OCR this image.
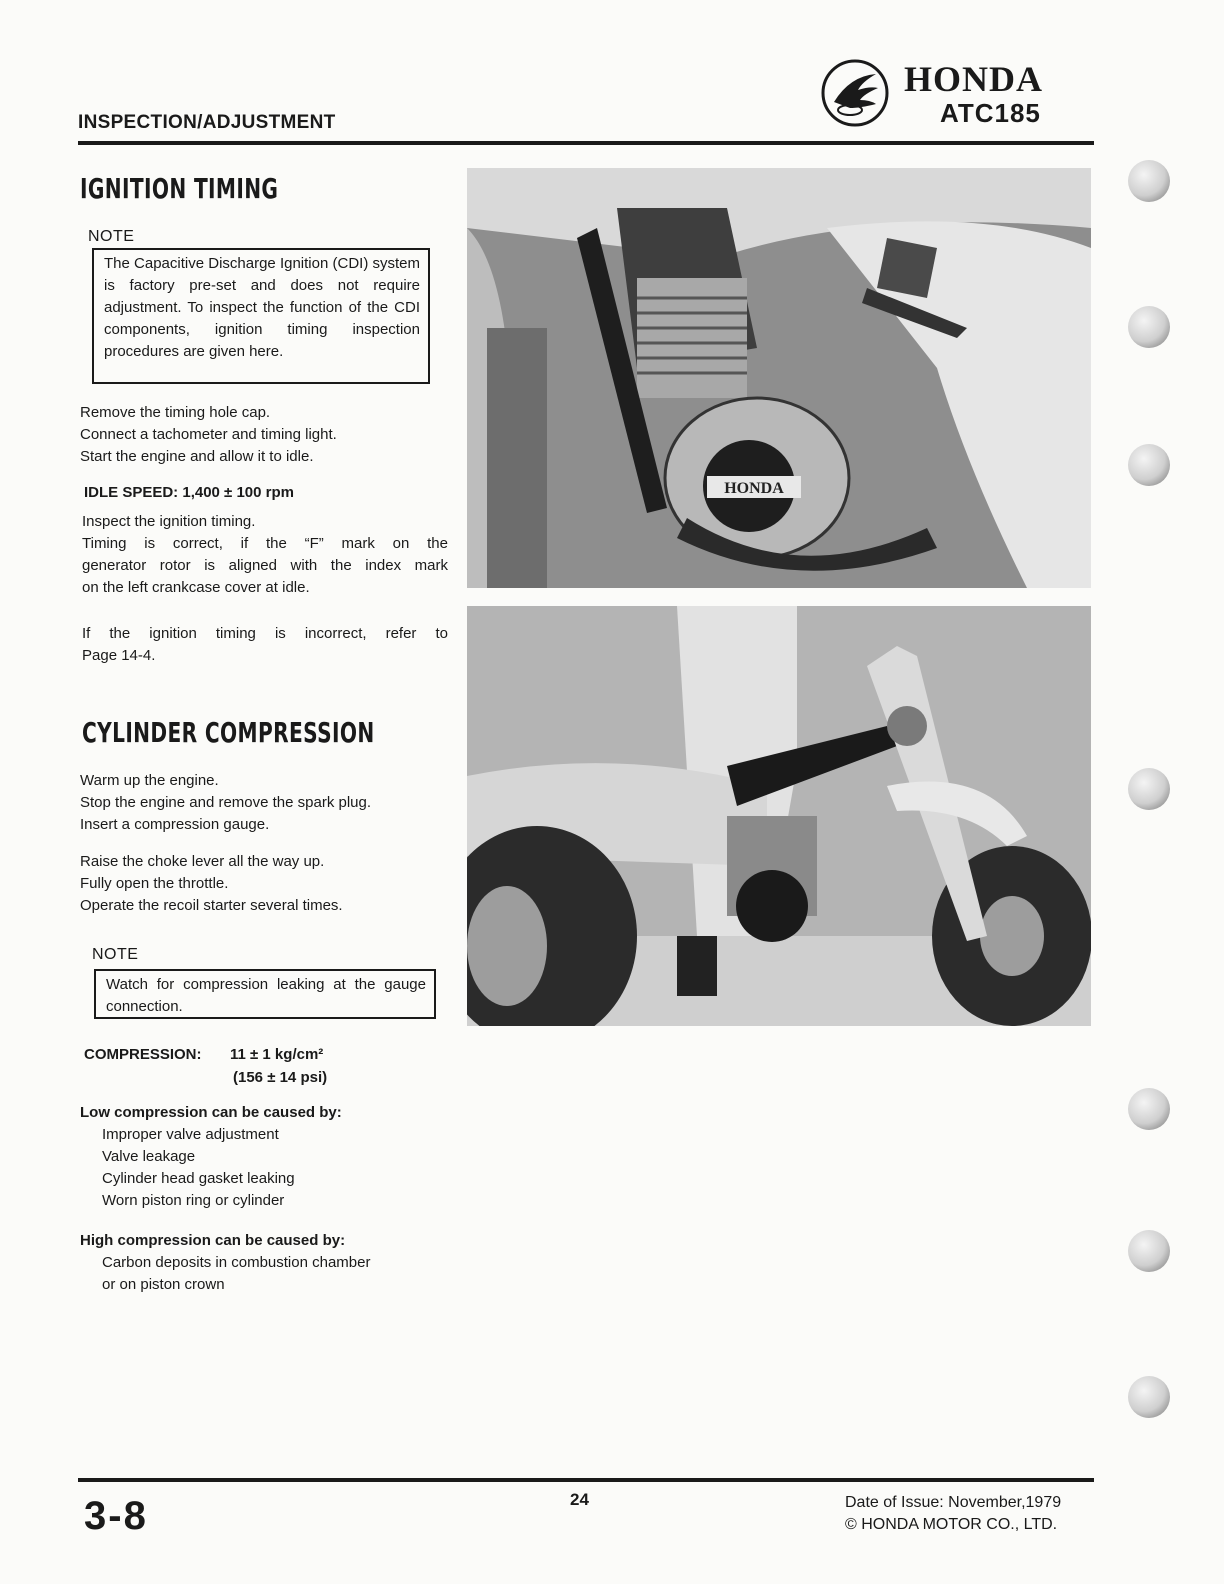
INSPECTION/ADJUSTMENT
HONDA
ATC185
IGNITION TIMING
NOTE
The Capacitive Discharge Ignition (CDI) system is factory pre-set and does not require adjustment. To inspect the function of the CDI components, ignition timing inspection procedures are given here.
Remove the timing hole cap.
Connect a tachometer and timing light.
Start the engine and allow it to idle.
IDLE SPEED: 1,400 ± 100 rpm
Inspect the ignition timing.
Timing is correct, if the “F” mark on the
generator rotor is aligned with the index mark
on the left crankcase cover at idle.
If the ignition timing is incorrect, refer to
Page 14-4.
CYLINDER COMPRESSION
Warm up the engine.
Stop the engine and remove the spark plug.
Insert a compression gauge.
Raise the choke lever all the way up.
Fully open the throttle.
Operate the recoil starter several times.
NOTE
Watch for compression leaking at the gauge connection.
COMPRESSION: 11 ± 1 kg/cm²
(156 ± 14 psi)
Low compression can be caused by:
Improper valve adjustment
Valve leakage
Cylinder head gasket leaking
Worn piston ring or cylinder
High compression can be caused by:
Carbon deposits in combustion chamber
or on piston crown
HONDA
3-8	24	Date of Issue: November,1979
© HONDA MOTOR CO., LTD.
